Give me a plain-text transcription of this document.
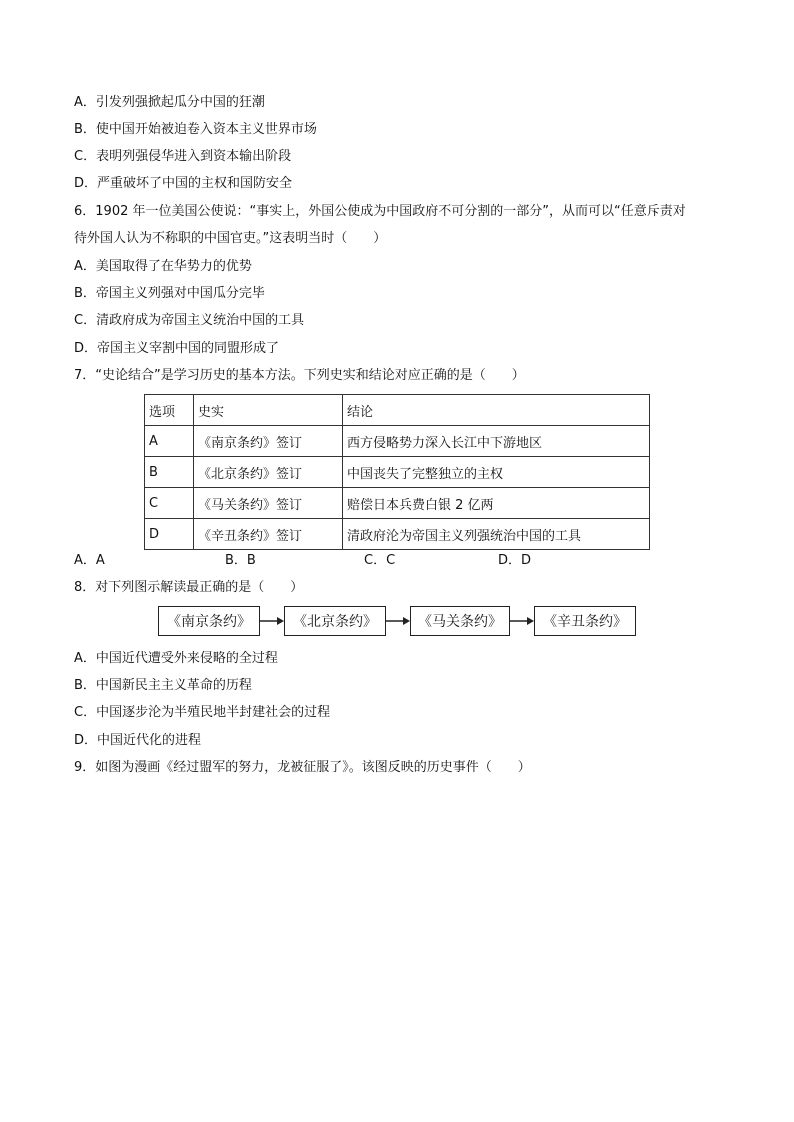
A．引发列强掀起瓜分中国的狂潮
B．使中国开始被迫卷入资本主义世界市场
C．表明列强侵华进入到资本输出阶段
D．严重破坏了中国的主权和国防安全
6．1902 年一位美国公使说：“事实上，外国公使成为中国政府不可分割的一部分”，从而可以“任意斥责对
待外国人认为不称职的中国官吏。”这表明当时（　　）
A．美国取得了在华势力的优势
B．帝国主义列强对中国瓜分完毕
C．清政府成为帝国主义统治中国的工具
D．帝国主义宰割中国的同盟形成了
7．“史论结合”是学习历史的基本方法。下列史实和结论对应正确的是（　　）
选项	史实	结论
A	《南京条约》签订	西方侵略势力深入长江中下游地区
B	《北京条约》签订	中国丧失了完整独立的主权
C	《马关条约》签订	赔偿日本兵费白银 2 亿两
D	《辛丑条约》签订	清政府沦为帝国主义列强统治中国的工具
A．A	B．B	C．C	D．D
8．对下列图示解读最正确的是（　　）
《南京条约》	《北京条约》	《马关条约》	《辛丑条约》
A．中国近代遭受外来侵略的全过程
B．中国新民主主义革命的历程
C．中国逐步沦为半殖民地半封建社会的过程
D．中国近代化的进程
9．如图为漫画《经过盟军的努力，龙被征服了》。该图反映的历史事件（　　）
